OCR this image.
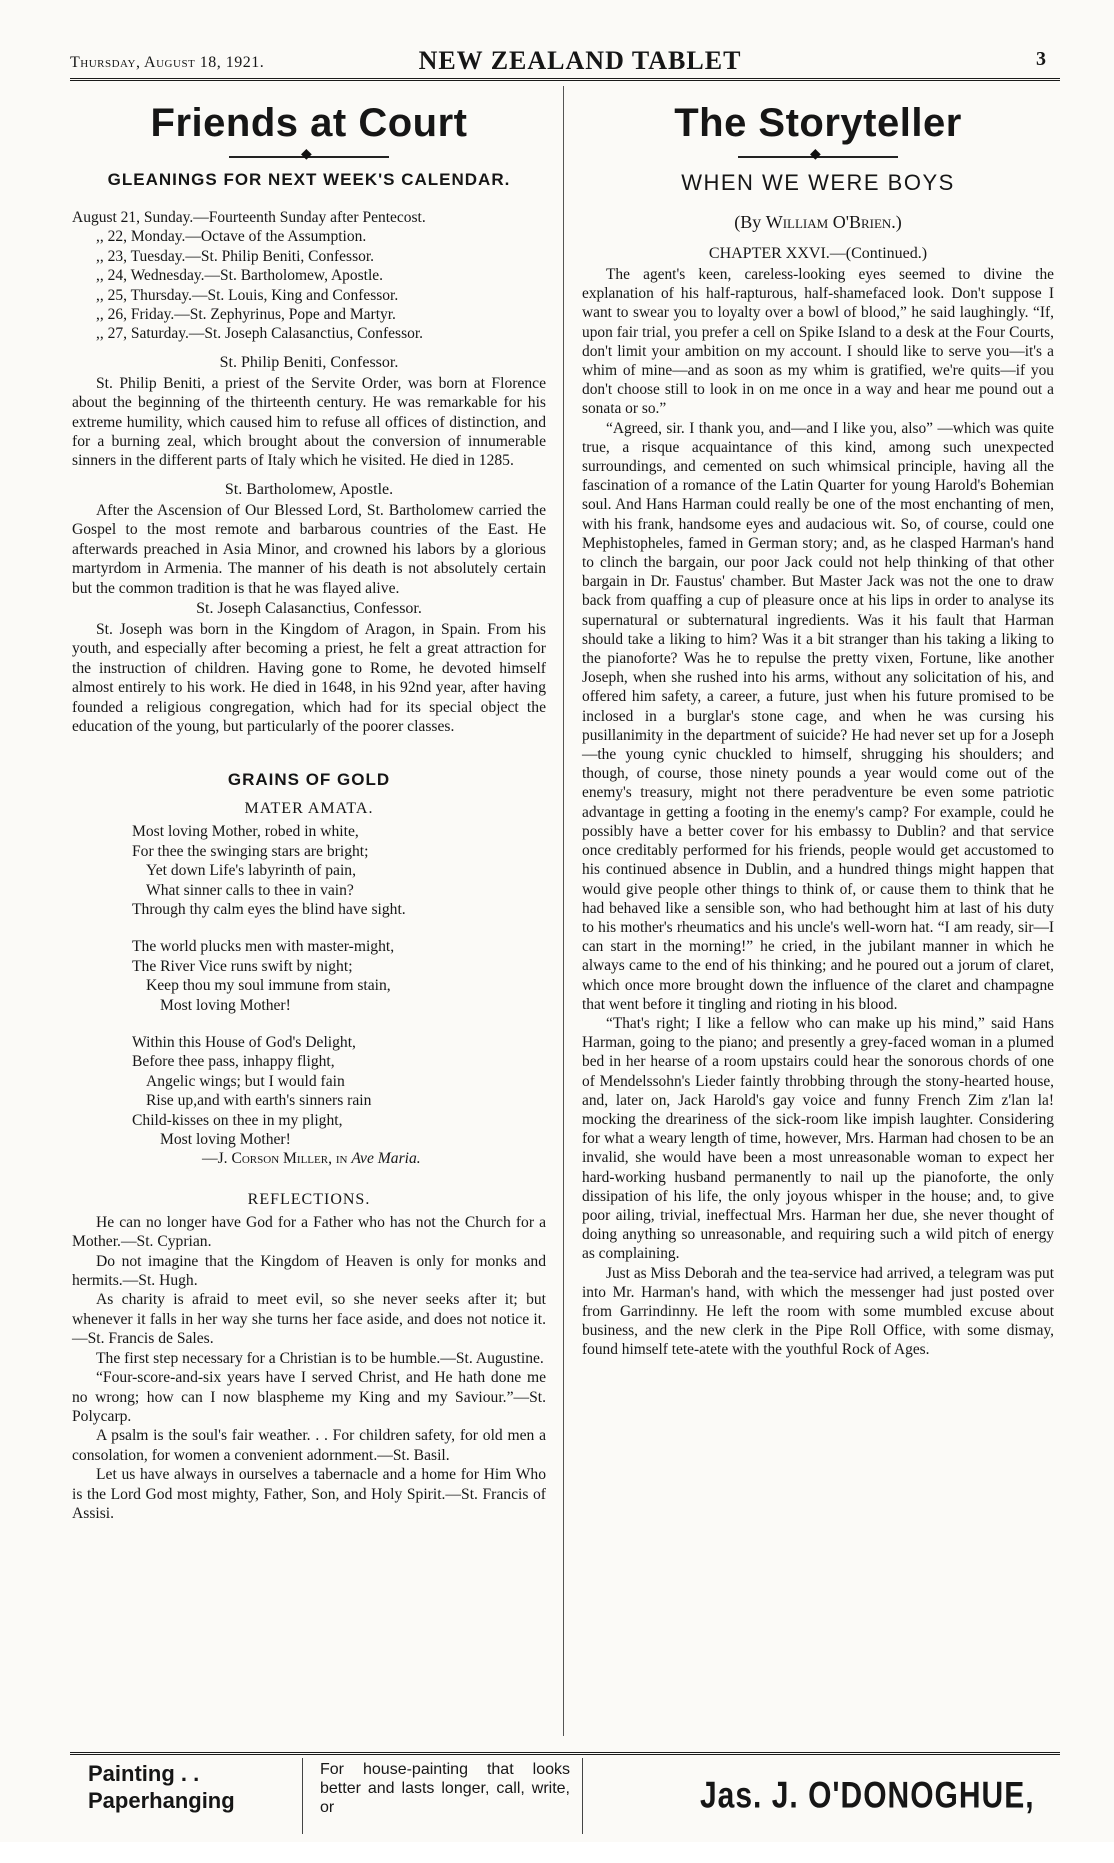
Thursday, August 18, 1921.	NEW ZEALAND TABLET	3
Friends at Court
◆
GLEANINGS FOR NEXT WEEK'S CALENDAR.
August 21, Sunday.—Fourteenth Sunday after Pentecost.
,, 22, Monday.—Octave of the Assumption.
,, 23, Tuesday.—St. Philip Beniti, Confessor.
,, 24, Wednesday.—St. Bartholomew, Apostle.
,, 25, Thursday.—St. Louis, King and Confessor.
,, 26, Friday.—St. Zephyrinus, Pope and Martyr.
,, 27, Saturday.—St. Joseph Calasanctius, Confessor.
St. Philip Beniti, Confessor.

St. Philip Beniti, a priest of the Servite Order, was born at Florence about the beginning of the thirteenth century. He was remarkable for his extreme humility, which caused him to refuse all offices of distinction, and for a burning zeal, which brought about the conversion of innumerable sinners in the different parts of Italy which he visited. He died in 1285.

St. Bartholomew, Apostle.

After the Ascension of Our Blessed Lord, St. Bartholomew carried the Gospel to the most remote and barbarous countries of the East. He afterwards preached in Asia Minor, and crowned his labors by a glorious martyrdom in Armenia. The manner of his death is not absolutely certain but the common tradition is that he was flayed alive.

St. Joseph Calasanctius, Confessor.

St. Joseph was born in the Kingdom of Aragon, in Spain. From his youth, and especially after becoming a priest, he felt a great attraction for the instruction of children. Having gone to Rome, he devoted himself almost entirely to his work. He died in 1648, in his 92nd year, after having founded a religious congregation, which had for its special object the education of the young, but particularly of the poorer classes.

GRAINS OF GOLD
MATER AMATA.
Most loving Mother, robed in white,
For thee the swinging stars are bright;
Yet down Life's labyrinth of pain,
What sinner calls to thee in vain?
Through thy calm eyes the blind have sight.
The world plucks men with master-might,
The River Vice runs swift by night;
Keep thou my soul immune from stain,
Most loving Mother!
Within this House of God's Delight,
Before thee pass, inhappy flight,
Angelic wings; but I would fain
Rise up,and with earth's sinners rain
Child-kisses on thee in my plight,
Most loving Mother!
—J. Corson Miller, in Ave Maria.
REFLECTIONS.

He can no longer have God for a Father who has not the Church for a Mother.—St. Cyprian.

Do not imagine that the Kingdom of Heaven is only for monks and hermits.—St. Hugh.

As charity is afraid to meet evil, so she never seeks after it; but whenever it falls in her way she turns her face aside, and does not notice it.—St. Francis de Sales.

The first step necessary for a Christian is to be humble.—St. Augustine.

“Four-score-and-six years have I served Christ, and He hath done me no wrong; how can I now blaspheme my King and my Saviour.”—St. Polycarp.

A psalm is the soul's fair weather. . . For children safety, for old men a consolation, for women a convenient adornment.—St. Basil.

Let us have always in ourselves a tabernacle and a home for Him Who is the Lord God most mighty, Father, Son, and Holy Spirit.—St. Francis of Assisi.

The Storyteller
◆
WHEN WE WERE BOYS
(By William O'Brien.)
CHAPTER XXVI.—(Continued.)

The agent's keen, careless-looking eyes seemed to divine the explanation of his half-rapturous, half-shamefaced look. Don't suppose I want to swear you to loyalty over a bowl of blood,” he said laughingly. “If, upon fair trial, you prefer a cell on Spike Island to a desk at the Four Courts, don't limit your ambition on my account. I should like to serve you—it's a whim of mine—and as soon as my whim is gratified, we're quits—if you don't choose still to look in on me once in a way and hear me pound out a sonata or so.”

“Agreed, sir. I thank you, and—and I like you, also” —which was quite true, a risque acquaintance of this kind, among such unexpected surroundings, and cemented on such whimsical principle, having all the fascination of a romance of the Latin Quarter for young Harold's Bohemian soul. And Hans Harman could really be one of the most enchanting of men, with his frank, handsome eyes and audacious wit. So, of course, could one Mephistopheles, famed in German story; and, as he clasped Harman's hand to clinch the bargain, our poor Jack could not help thinking of that other bargain in Dr. Faustus' chamber. But Master Jack was not the one to draw back from quaffing a cup of pleasure once at his lips in order to analyse its supernatural or subternatural ingredients. Was it his fault that Harman should take a liking to him? Was it a bit stranger than his taking a liking to the pianoforte? Was he to repulse the pretty vixen, Fortune, like another Joseph, when she rushed into his arms, without any solicitation of his, and offered him safety, a career, a future, just when his future promised to be inclosed in a burglar's stone cage, and when he was cursing his pusillanimity in the department of suicide? He had never set up for a Joseph—the young cynic chuckled to himself, shrugging his shoulders; and though, of course, those ninety pounds a year would come out of the enemy's treasury, might not there peradventure be even some patriotic advantage in getting a footing in the enemy's camp? For example, could he possibly have a better cover for his embassy to Dublin? and that service once creditably performed for his friends, people would get accustomed to his continued absence in Dublin, and a hundred things might happen that would give people other things to think of, or cause them to think that he had behaved like a sensible son, who had bethought him at last of his duty to his mother's rheumatics and his uncle's well-worn hat. “I am ready, sir—I can start in the morning!” he cried, in the jubilant manner in which he always came to the end of his thinking; and he poured out a jorum of claret, which once more brought down the influence of the claret and champagne that went before it tingling and rioting in his blood.

“That's right; I like a fellow who can make up his mind,” said Hans Harman, going to the piano; and presently a grey-faced woman in a plumed bed in her hearse of a room upstairs could hear the sonorous chords of one of Mendelssohn's Lieder faintly throbbing through the stony-hearted house, and, later on, Jack Harold's gay voice and funny French Zim z'lan la! mocking the dreariness of the sick-room like impish laughter. Considering for what a weary length of time, however, Mrs. Harman had chosen to be an invalid, she would have been a most unreasonable woman to expect her hard-working husband permanently to nail up the pianoforte, the only dissipation of his life, the only joyous whisper in the house; and, to give poor ailing, trivial, ineffectual Mrs. Harman her due, she never thought of doing anything so unreasonable, and requiring such a wild pitch of energy as complaining.

Just as Miss Deborah and the tea-service had arrived, a telegram was put into Mr. Harman's hand, with which the messenger had just posted over from Garrindinny. He left the room with some mumbled excuse about business, and the new clerk in the Pipe Roll Office, with some dismay, found himself tete-atete with the youthful Rock of Ages.

Painting . .
Paperhanging
For house-painting that looks better and lasts longer, call, write, or	Jas. J. O'DONOGHUE,
